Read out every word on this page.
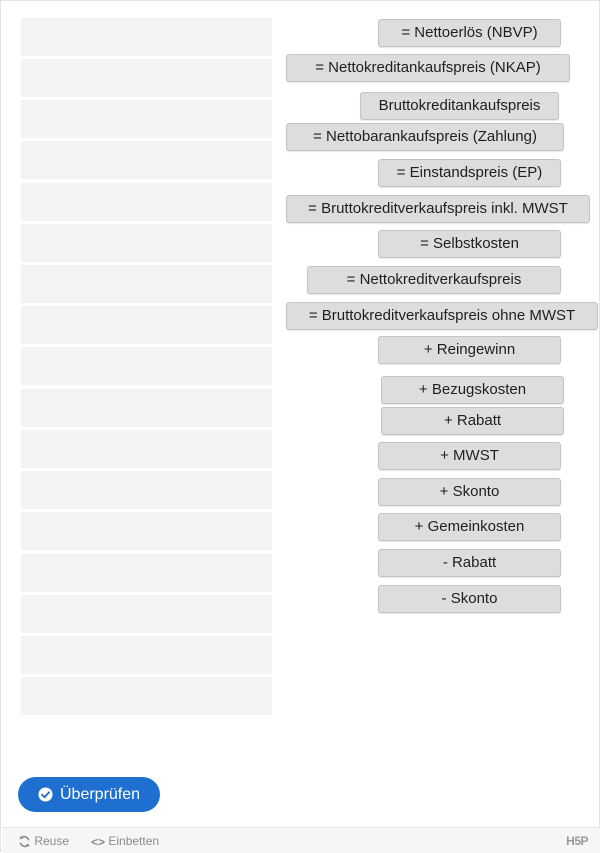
= Nettoerlös (NBVP)
= Nettokreditankaufspreis (NKAP)
Bruttokreditankaufspreis
= Nettobarankaufspreis (Zahlung)
= Einstandspreis (EP)
= Bruttokreditverkaufspreis inkl. MWST
= Selbstkosten
= Nettokreditverkaufspreis
= Bruttokreditverkaufspreis ohne MWST
+ Reingewinn
+ Bezugskosten
+ Rabatt
+ MWST
+ Skonto
+ Gemeinkosten
- Rabatt
- Skonto
Überprüfen
Reuse <> Einbetten	H5P
